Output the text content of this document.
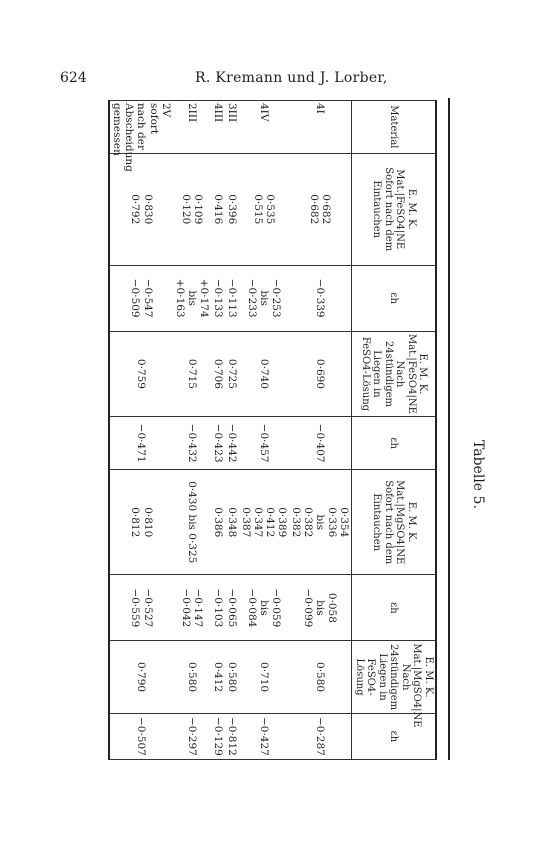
624	R. Kremann und J. Lorber,
Tabelle 5.
Material	E. M. K. Mat.|FeSO4|NE Sofort nach dem Eintauchen	εh	E. M. K. Mat.|FeSO4|NE Nach 24stündigem Liegen in FeSO4-Lösung	εh	E. M. K. Mat.|MgSO4|NE Sofort nach dem Eintauchen	εh	E. M. K. Mat.|MgSO4|NE Nach 24stündigem Liegen in FeSO4-Lösung	εh
4I	0·682
0·682	−0·339	0·690	−0·407	0·354
0·336
bis
0·382
0·382	0·058
bis
−0·099	0·580	−0·287

4IV	0·535
0·515	−0·253
bis
−0·233	0·740	−0·457	0·389
0·412
0·347
0·387	−0·059
bis
−0·084	0·710	−0·427

3III	0·396	−0·113	0·725	−0·442	0·348	−0·065	0·580	−0·812

4III	0·416	−0·133	0·706	−0·423	0·386	−0·103	0·412	−0·129

2III	0·109
0·120	+0·174
bis
+0·163	0·715	−0·432	0·430 bis 0·325	−0·147
−0·042	0·580	−0·297

2V sofort nach der Abscheidung gemessen	0·830
0·792	−0·547
−0·509	0·759	−0·471	0·810
0·812	−0·527
−0·559	0·790	−0·507
